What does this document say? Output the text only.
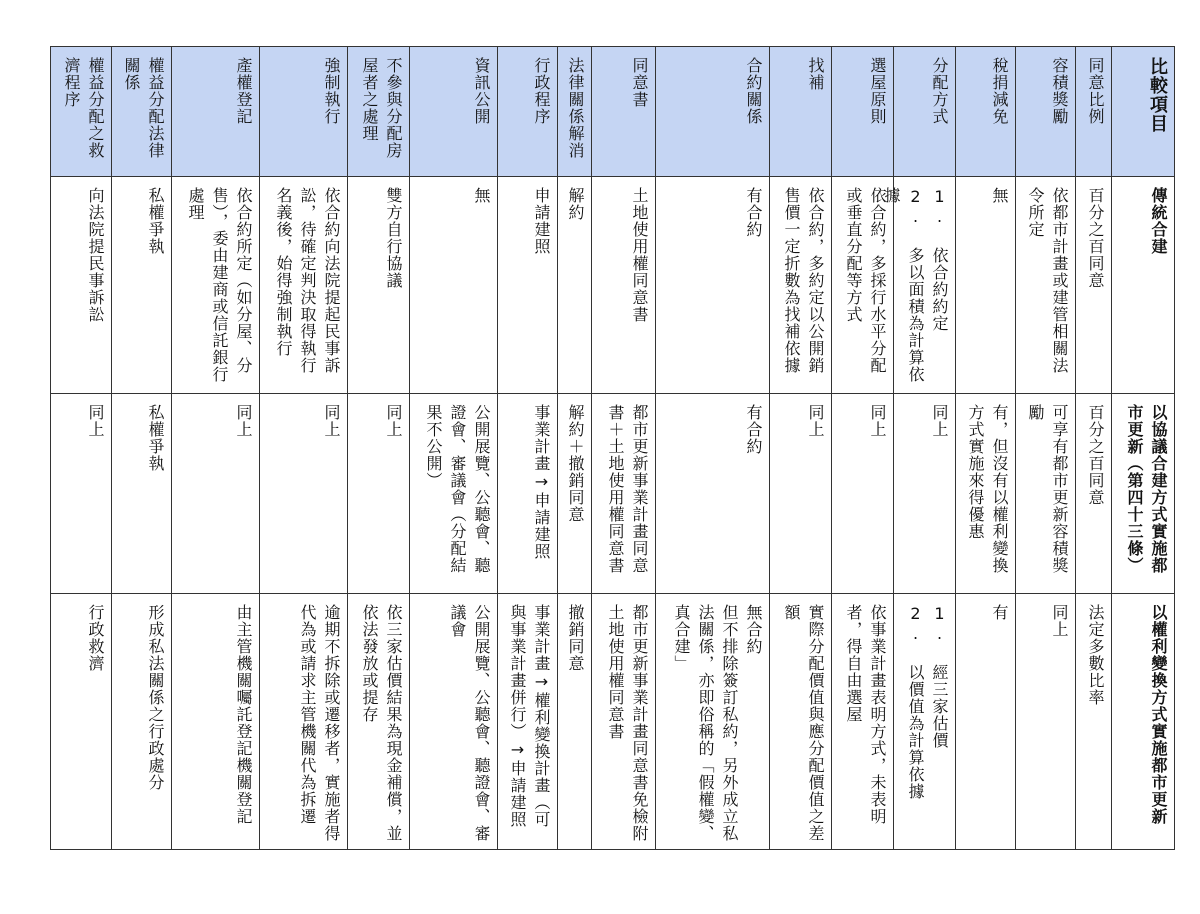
權益分配之救濟程序
向法院提民事訴訟
同上
行政救濟
權益分配法律關係
私權爭執
私權爭執
形成私法關係之行政處分
產權登記
依合約所定（如分屋、分售），委由建商或信託銀行處理
同上
由主管機關囑託登記機關登記
強制執行
依合約向法院提起民事訴訟，待確定判決取得執行名義後，始得強制執行
同上
逾期不拆除或遷移者，實施者得代為或請求主管機關代為拆遷
不參與分配房屋者之處理
雙方自行協議
同上
依三家估價結果為現金補償，並依法發放或提存
資訊公開
無
公開展覽、公聽會、聽證會、審議會（分配結果不公開）
公開展覽、公聽會、聽證會、審議會
行政程序
申請建照
事業計畫→申請建照
事業計畫→權利變換計畫（可與事業計畫併行）→申請建照
法律關係解消
解約
解約＋撤銷同意
撤銷同意
同意書
土地使用權同意書
都市更新事業計畫同意書＋土地使用權同意書
都市更新事業計畫同意書免檢附土地使用權同意書
合約關係
有合約
有合約
無合約
但不排除簽訂私約，另外成立私法關係，亦即俗稱的「假權變、真合建」
找補
依合約，多約定以公開銷售價一定折數為找補依據
同上
實際分配價值與應分配價值之差額
選屋原則
依合約，多採行水平分配或垂直分配等方式
同上
依事業計畫表明方式，未表明者，得自由選屋
分配方式
1. 依合約約定
2. 多以面積為計算依據
同上
1. 經三家估價
2. 以價值為計算依據
稅捐減免
無
有，但沒有以權利變換方式實施來得優惠
有
容積獎勵
依都市計畫或建管相關法令所定
可享有都市更新容積獎勵
同上
同意比例
百分之百同意
百分之百同意
法定多數比率
比較項目
傳統合建
以協議合建方式實施都市更新（第四十三條）
以權利變換方式實施都市更新
